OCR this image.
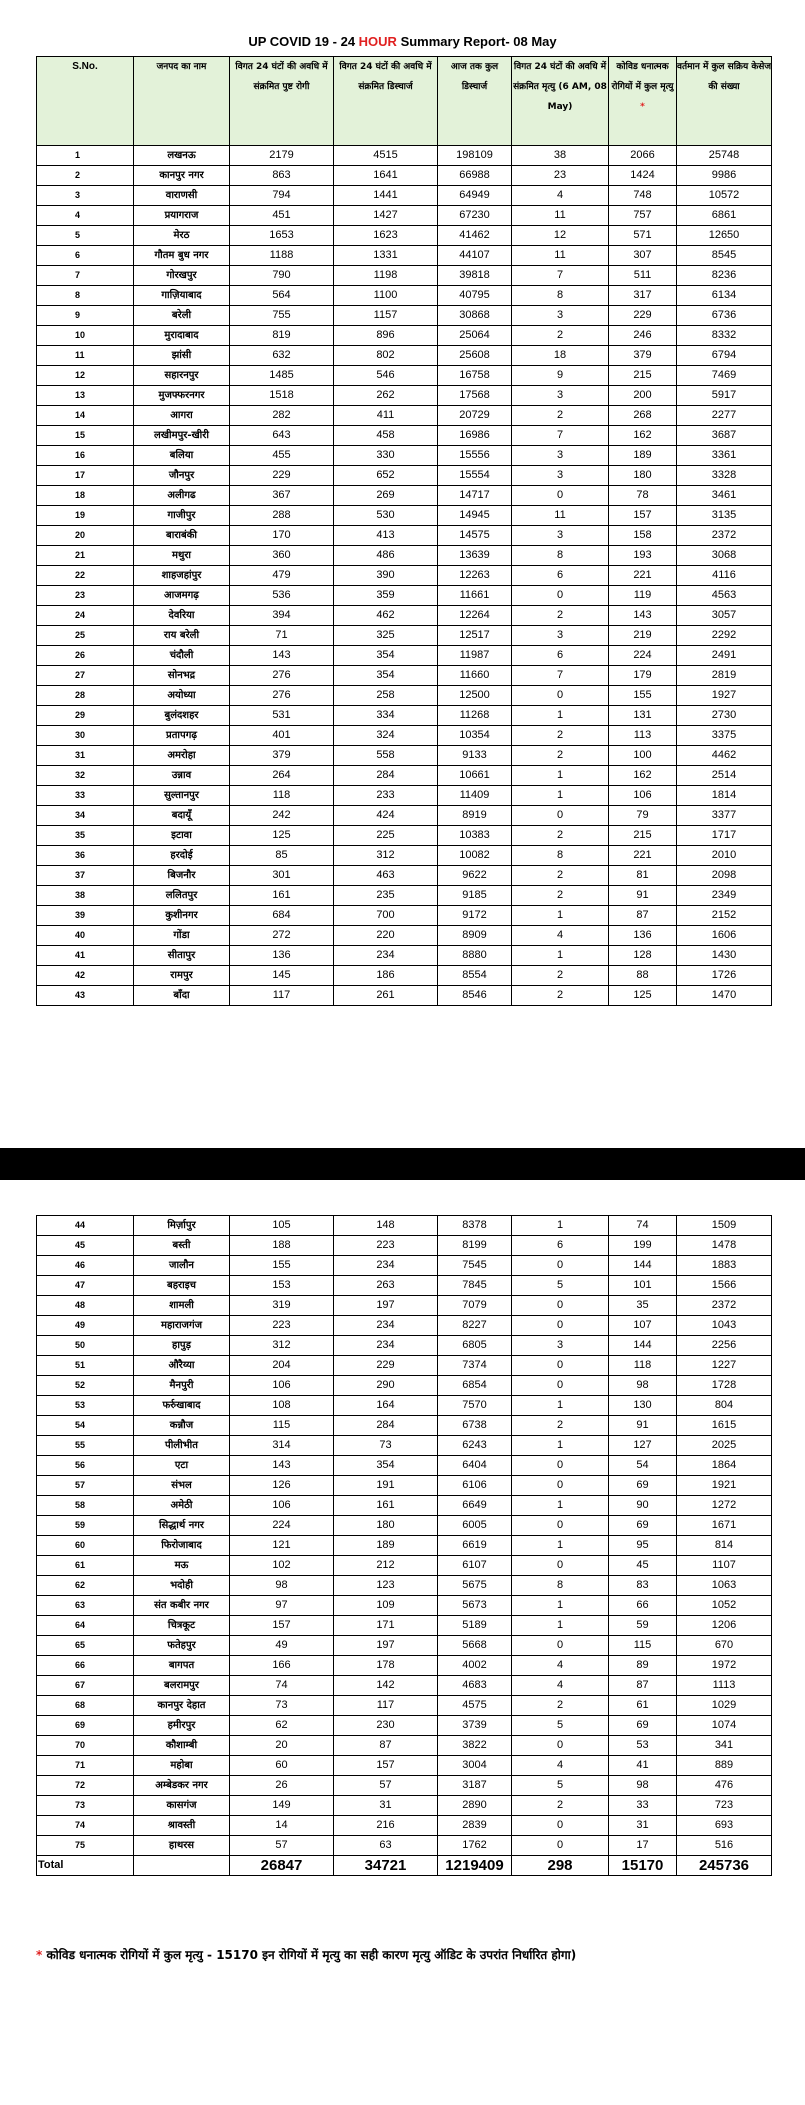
UP COVID 19 - 24 HOUR Summary Report- 08 May
S.No.	जनपद का नाम	विगत 24 घंटों की अवधि में संक्रमित पुष्ट रोगी	विगत 24 घंटों की अवधि में संक्रमित डिस्चार्ज	आज तक कुल डिस्चार्ज	विगत 24 घंटों की अवधि में संक्रमित मृत्यु (6 AM, 08 May)	कोविड धनात्मक रोगियों में कुल मृत्यु *	वर्तमान में कुल सक्रिय केसेज की संख्या
1	लखनऊ	2179	4515	198109	38	2066	25748
2	कानपुर नगर	863	1641	66988	23	1424	9986
3	वाराणसी	794	1441	64949	4	748	10572
4	प्रयागराज	451	1427	67230	11	757	6861
5	मेरठ	1653	1623	41462	12	571	12650
6	गौतम बुध नगर	1188	1331	44107	11	307	8545
7	गोरखपुर	790	1198	39818	7	511	8236
8	गाज़ियाबाद	564	1100	40795	8	317	6134
9	बरेली	755	1157	30868	3	229	6736
10	मुरादाबाद	819	896	25064	2	246	8332
11	झांसी	632	802	25608	18	379	6794
12	सहारनपुर	1485	546	16758	9	215	7469
13	मुजफ्फरनगर	1518	262	17568	3	200	5917
14	आगरा	282	411	20729	2	268	2277
15	लखीमपुर-खीरी	643	458	16986	7	162	3687
16	बलिया	455	330	15556	3	189	3361
17	जौनपुर	229	652	15554	3	180	3328
18	अलीगढ	367	269	14717	0	78	3461
19	गाजीपुर	288	530	14945	11	157	3135
20	बाराबंकी	170	413	14575	3	158	2372
21	मथुरा	360	486	13639	8	193	3068
22	शाहजहांपुर	479	390	12263	6	221	4116
23	आजमगढ़	536	359	11661	0	119	4563
24	देवरिया	394	462	12264	2	143	3057
25	राय बरेली	71	325	12517	3	219	2292
26	चंदौली	143	354	11987	6	224	2491
27	सोनभद्र	276	354	11660	7	179	2819
28	अयोध्या	276	258	12500	0	155	1927
29	बुलंदशहर	531	334	11268	1	131	2730
30	प्रतापगढ़	401	324	10354	2	113	3375
31	अमरोहा	379	558	9133	2	100	4462
32	उन्नाव	264	284	10661	1	162	2514
33	सुल्तानपुर	118	233	11409	1	106	1814
34	बदायूँ	242	424	8919	0	79	3377
35	इटावा	125	225	10383	2	215	1717
36	हरदोई	85	312	10082	8	221	2010
37	बिजनौर	301	463	9622	2	81	2098
38	ललितपुर	161	235	9185	2	91	2349
39	कुशीनगर	684	700	9172	1	87	2152
40	गोंडा	272	220	8909	4	136	1606
41	सीतापुर	136	234	8880	1	128	1430
42	रामपुर	145	186	8554	2	88	1726
43	बाँदा	117	261	8546	2	125	1470
44	मिर्ज़ापुर	105	148	8378	1	74	1509
45	बस्ती	188	223	8199	6	199	1478
46	जालौन	155	234	7545	0	144	1883
47	बहराइच	153	263	7845	5	101	1566
48	शामली	319	197	7079	0	35	2372
49	महाराजगंज	223	234	8227	0	107	1043
50	हापुड़	312	234	6805	3	144	2256
51	औरैय्या	204	229	7374	0	118	1227
52	मैनपुरी	106	290	6854	0	98	1728
53	फर्रुखाबाद	108	164	7570	1	130	804
54	कन्नौज	115	284	6738	2	91	1615
55	पीलीभीत	314	73	6243	1	127	2025
56	एटा	143	354	6404	0	54	1864
57	संभल	126	191	6106	0	69	1921
58	अमेठी	106	161	6649	1	90	1272
59	सिद्धार्थ नगर	224	180	6005	0	69	1671
60	फिरोजाबाद	121	189	6619	1	95	814
61	मऊ	102	212	6107	0	45	1107
62	भदोही	98	123	5675	8	83	1063
63	संत कबीर नगर	97	109	5673	1	66	1052
64	चित्रकूट	157	171	5189	1	59	1206
65	फतेहपुर	49	197	5668	0	115	670
66	बागपत	166	178	4002	4	89	1972
67	बलरामपुर	74	142	4683	4	87	1113
68	कानपुर देहात	73	117	4575	2	61	1029
69	हमीरपुर	62	230	3739	5	69	1074
70	कौशाम्बी	20	87	3822	0	53	341
71	महोबा	60	157	3004	4	41	889
72	अम्बेडकर नगर	26	57	3187	5	98	476
73	कासगंज	149	31	2890	2	33	723
74	श्रावस्ती	14	216	2839	0	31	693
75	हाथरस	57	63	1762	0	17	516
Total		26847	34721	1219409	298	15170	245736
* कोविड धनात्मक रोगियों में कुल मृत्यु - 15170 इन रोगियों में मृत्यु का सही कारण मृत्यु ऑडिट के उपरांत निर्धारित होगा)
